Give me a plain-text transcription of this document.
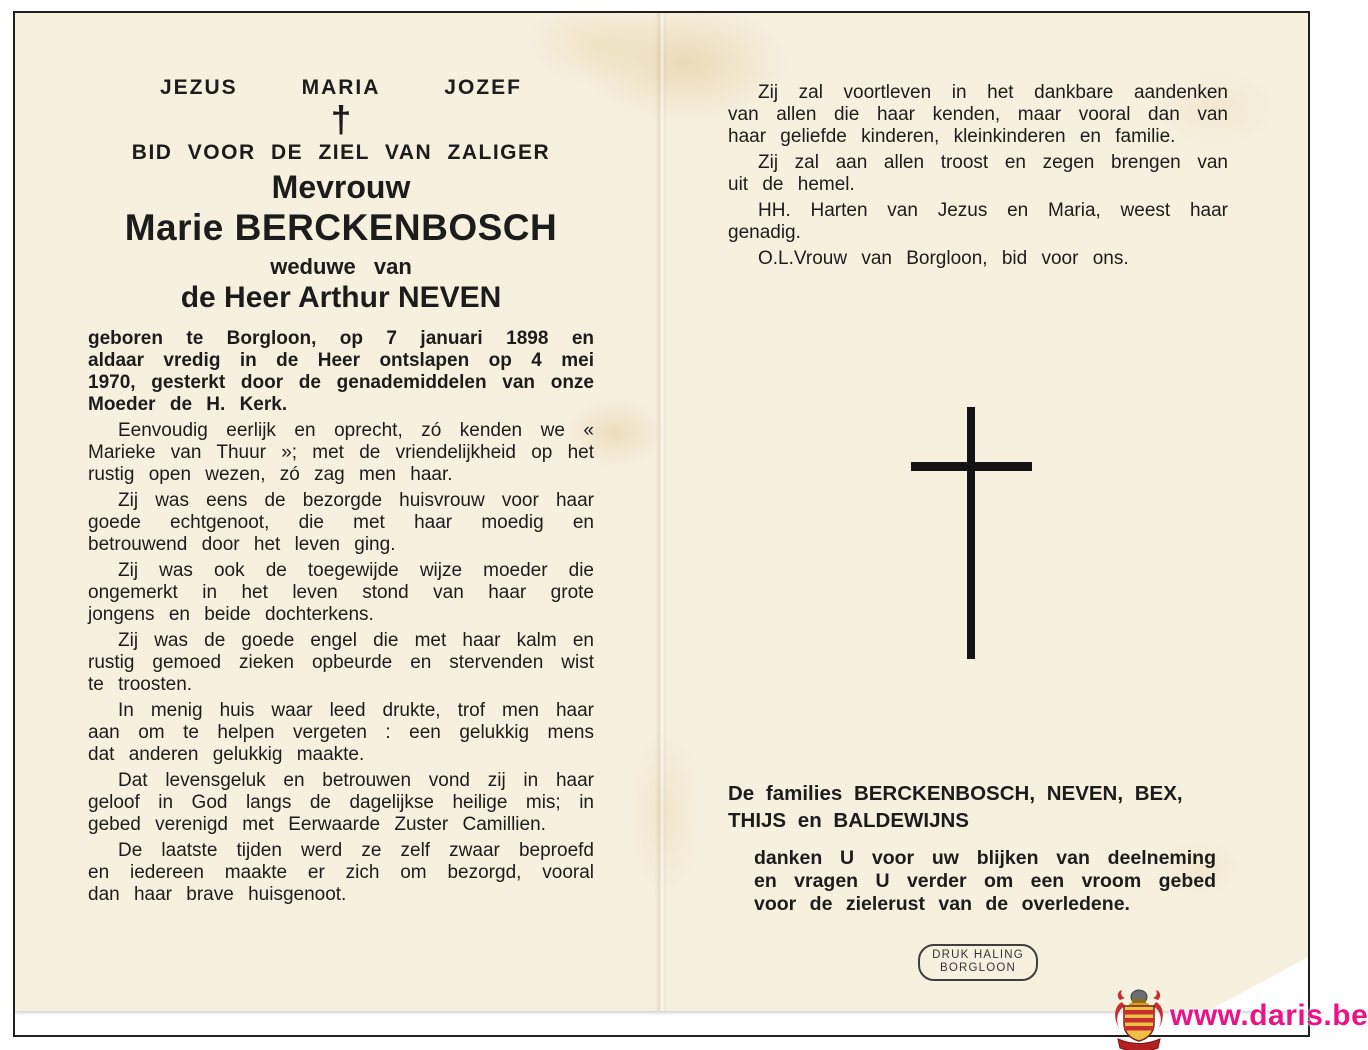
JEZUS	MARIA	JOZEF
†
BID VOOR DE ZIEL VAN ZALIGER
Mevrouw
Marie BERCKENBOSCH
weduwe van
de Heer Arthur NEVEN

geboren te Borgloon, op 7 januari 1898 en aldaar vredig in de Heer ontslapen op 4 mei 1970, gesterkt door de genademiddelen van onze Moeder de H. Kerk.

Eenvoudig eerlijk en oprecht, zó kenden we « Marieke van Thuur »; met de vriendelijkheid op het rustig open wezen, zó zag men haar.

Zij was eens de bezorgde huisvrouw voor haar goede echtgenoot, die met haar moedig en betrouwend door het leven ging.

Zij was ook de toegewijde wijze moeder die ongemerkt in het leven stond van haar grote jongens en beide dochterkens.

Zij was de goede engel die met haar kalm en rustig gemoed zieken opbeurde en stervenden wist te troosten.

In menig huis waar leed drukte, trof men haar aan om te helpen vergeten : een gelukkig mens dat anderen gelukkig maakte.

Dat levensgeluk en betrouwen vond zij in haar geloof in God langs de dagelijkse heilige mis; in gebed verenigd met Eerwaarde Zuster Camillien.

De laatste tijden werd ze zelf zwaar beproefd en iedereen maakte er zich om bezorgd, vooral dan haar brave huisgenoot.

Zij zal voortleven in het dankbare aandenken van allen die haar kenden, maar vooral dan van haar geliefde kinderen, kleinkinderen en familie.

Zij zal aan allen troost en zegen brengen van uit de hemel.

HH. Harten van Jezus en Maria, weest haar genadig.

O.L.Vrouw van Borgloon, bid voor ons.

De families BERCKENBOSCH, NEVEN, BEX,
THIJS en BALDEWIJNS

danken U voor uw blijken van deelneming en vragen U verder om een vroom gebed voor de zielerust van de overledene.

DRUK HALING
BORGLOON
www.daris.be
